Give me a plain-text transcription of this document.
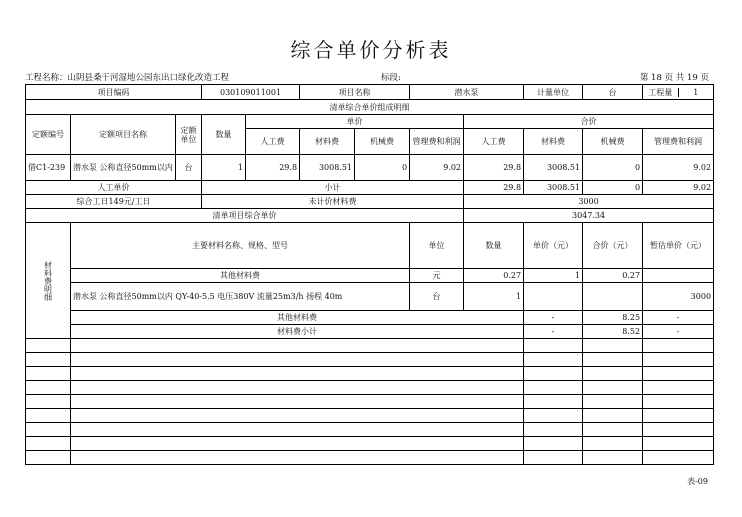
综合单价分析表
工程名称：山阴县桑干河湿地公园东出口绿化改造工程	标段:	第 18 页 共 19 页
项目编码			030109011001		项目名称		潜水泵		计量单位	台	工程量 1	

清单综合单价组成明细												
定额编号	定额项目名称	定额单位	数量	单价				合价				
				人工费	材料费	机械费	管理费和利润	人工费	材料费	机械费	管理费和利润	
借C1-239	潜水泵 公称直径50mm以内	台	1	29.8	3008.51	0	9.02	29.8	3008.51	0	9.02	
人工单价			小计					29.8	3008.51	0	9.02	
综合工日149元/工日			未计价材料费					3000				
清单项目综合单价								3047.34				

材料费明细	主要材料名称、规格、型号						单位	数量	单价（元）	合价（元）	暂估单价（元）	
	其他材料费						元	0.27	1	0.27		
	潜水泵 公称直径50mm以内 QY-40-5.5 电压380V 流量25m3/h 扬程 40m						台	1			3000	
	其他材料费								-	8.25	-	
	材料费小计								-	8.52	-	

表-09
